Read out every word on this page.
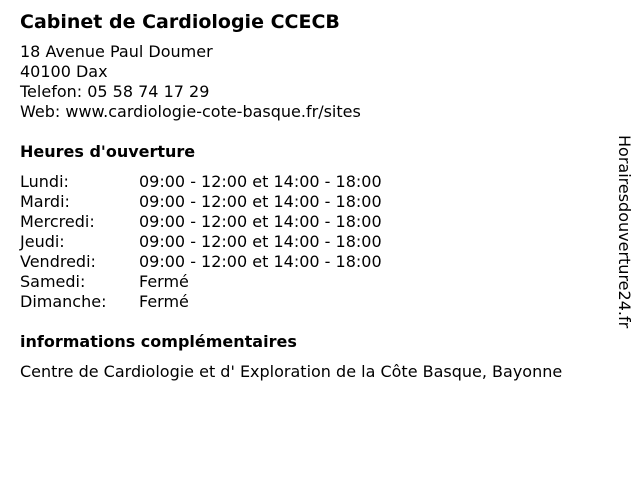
Cabinet de Cardiologie CCECB
18 Avenue Paul Doumer
40100 Dax
Telefon: 05 58 74 17 29
Web: www.cardiologie-cote-basque.fr/sites
Heures d'ouverture
Lundi:	09:00 - 12:00 et 14:00 - 18:00
Mardi:	09:00 - 12:00 et 14:00 - 18:00
Mercredi:	09:00 - 12:00 et 14:00 - 18:00
Jeudi:	09:00 - 12:00 et 14:00 - 18:00
Vendredi:	09:00 - 12:00 et 14:00 - 18:00
Samedi:	Fermé
Dimanche:	Fermé
informations complémentaires
Centre de Cardiologie et d' Exploration de la Côte Basque, Bayonne
Horairesdouverture24.fr
